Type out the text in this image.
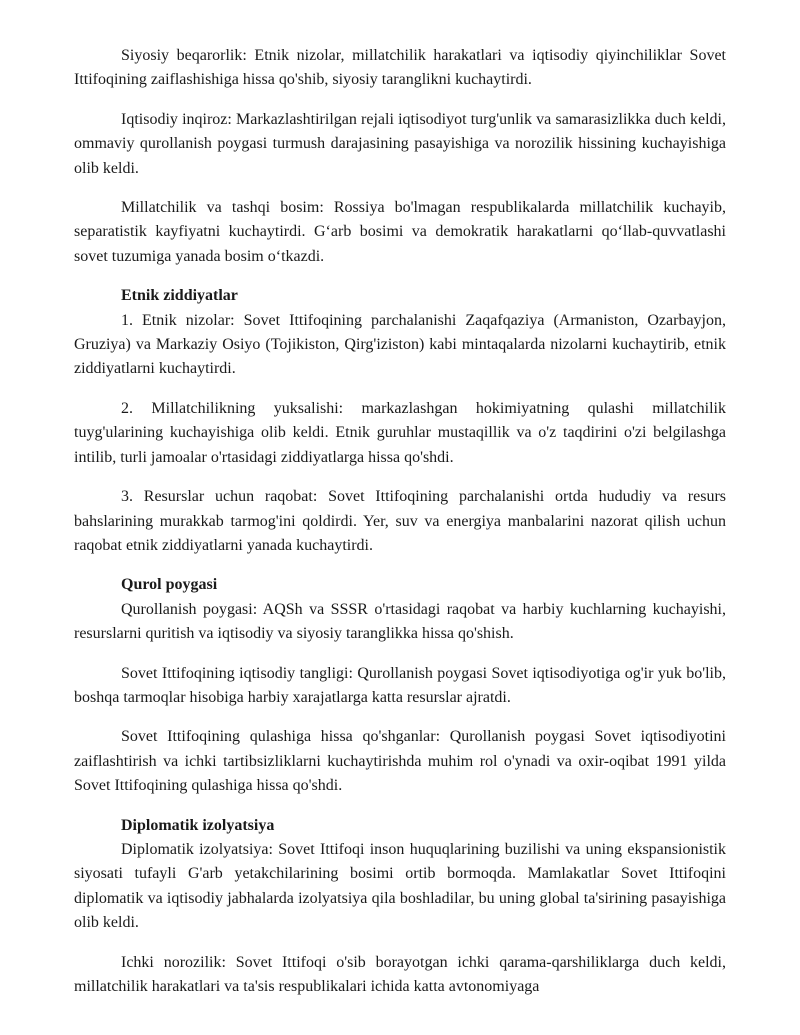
Siyosiy beqarorlik: Etnik nizolar, millatchilik harakatlari va iqtisodiy qiyinchiliklar Sovet Ittifoqining zaiflashishiga hissa qo'shib, siyosiy taranglikni kuchaytirdi.

Iqtisodiy inqiroz: Markazlashtirilgan rejali iqtisodiyot turg'unlik va samarasizlikka duch keldi, ommaviy qurollanish poygasi turmush darajasining pasayishiga va norozilik hissining kuchayishiga olib keldi.

Millatchilik va tashqi bosim: Rossiya bo'lmagan respublikalarda millatchilik kuchayib, separatistik kayfiyatni kuchaytirdi. G‘arb bosimi va demokratik harakatlarni qo‘llab-quvvatlashi sovet tuzumiga yanada bosim o‘tkazdi.

Etnik ziddiyatlar

1. Etnik nizolar: Sovet Ittifoqining parchalanishi Zaqafqaziya (Armaniston, Ozarbayjon, Gruziya) va Markaziy Osiyo (Tojikiston, Qirg'iziston) kabi mintaqalarda nizolarni kuchaytirib, etnik ziddiyatlarni kuchaytirdi.

2. Millatchilikning yuksalishi: markazlashgan hokimiyatning qulashi millatchilik tuyg'ularining kuchayishiga olib keldi. Etnik guruhlar mustaqillik va o'z taqdirini o'zi belgilashga intilib, turli jamoalar o'rtasidagi ziddiyatlarga hissa qo'shdi.

3. Resurslar uchun raqobat: Sovet Ittifoqining parchalanishi ortda hududiy va resurs bahslarining murakkab tarmog'ini qoldirdi. Yer, suv va energiya manbalarini nazorat qilish uchun raqobat etnik ziddiyatlarni yanada kuchaytirdi.

Qurol poygasi

Qurollanish poygasi: AQSh va SSSR o'rtasidagi raqobat va harbiy kuchlarning kuchayishi, resurslarni quritish va iqtisodiy va siyosiy taranglikka hissa qo'shish.

Sovet Ittifoqining iqtisodiy tangligi: Qurollanish poygasi Sovet iqtisodiyotiga og'ir yuk bo'lib, boshqa tarmoqlar hisobiga harbiy xarajatlarga katta resurslar ajratdi.

Sovet Ittifoqining qulashiga hissa qo'shganlar: Qurollanish poygasi Sovet iqtisodiyotini zaiflashtirish va ichki tartibsizliklarni kuchaytirishda muhim rol o'ynadi va oxir-oqibat 1991 yilda Sovet Ittifoqining qulashiga hissa qo'shdi.

Diplomatik izolyatsiya

Diplomatik izolyatsiya: Sovet Ittifoqi inson huquqlarining buzilishi va uning ekspansionistik siyosati tufayli G'arb yetakchilarining bosimi ortib bormoqda. Mamlakatlar Sovet Ittifoqini diplomatik va iqtisodiy jabhalarda izolyatsiya qila boshladilar, bu uning global ta'sirining pasayishiga olib keldi.

Ichki norozilik: Sovet Ittifoqi o'sib borayotgan ichki qarama-qarshiliklarga duch keldi, millatchilik harakatlari va ta'sis respublikalari ichida katta avtonomiyaga
